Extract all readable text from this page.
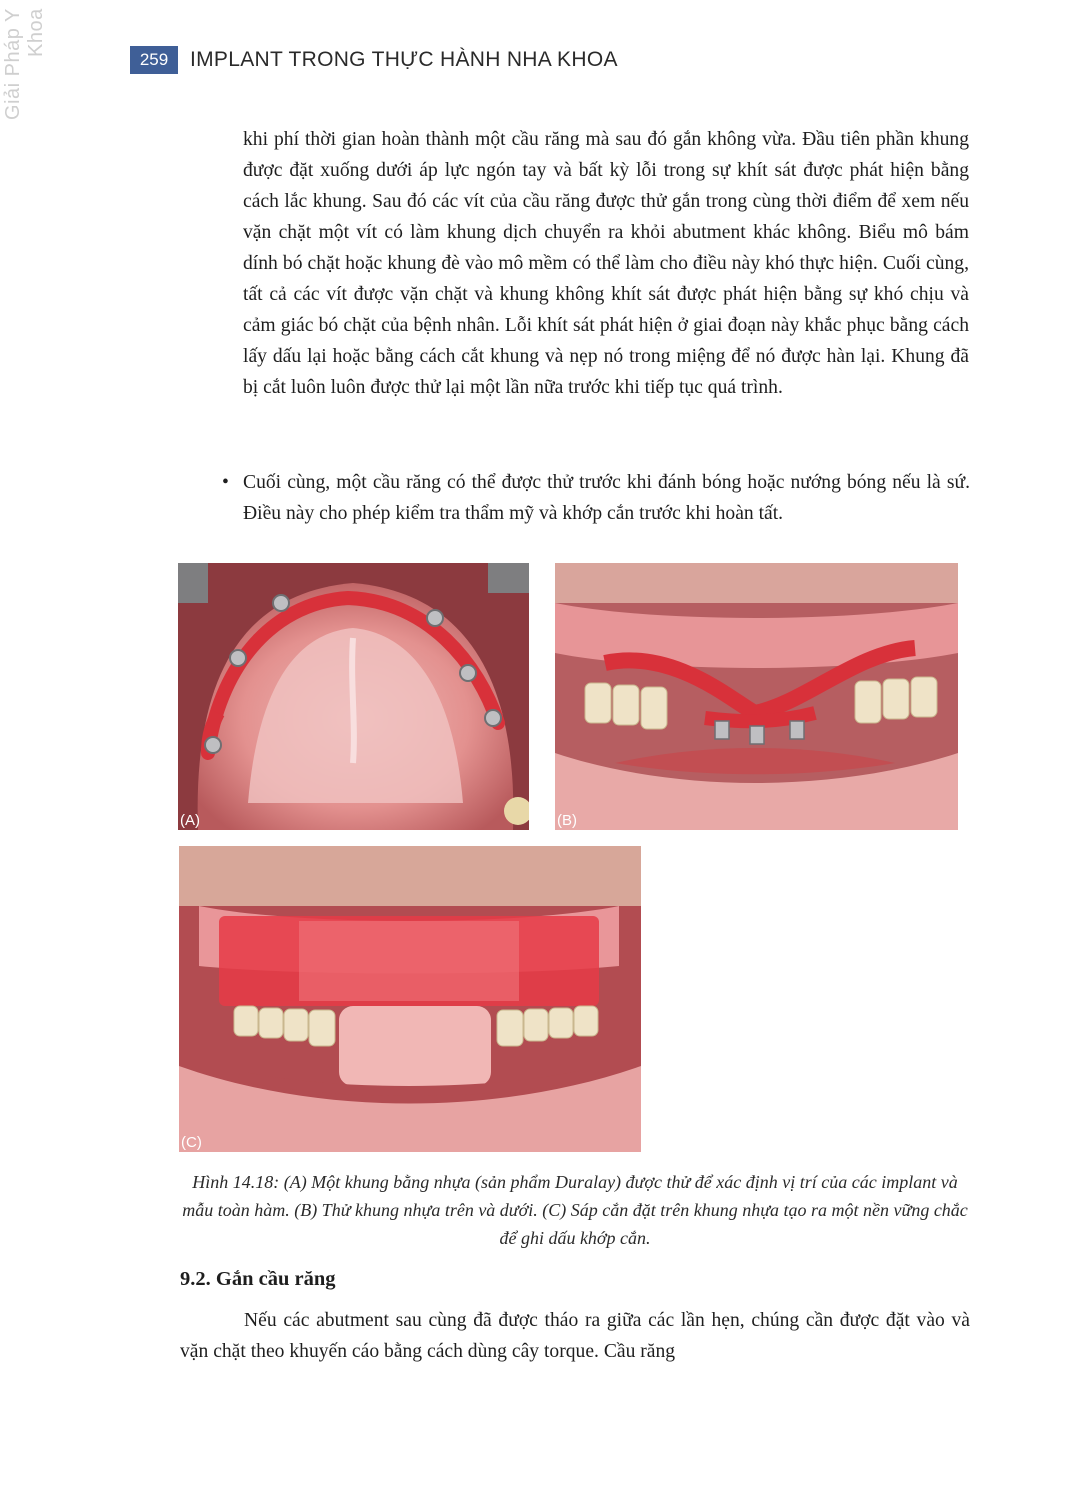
Giải Pháp Y Khoa
259	IMPLANT TRONG THỰC HÀNH NHA KHOA
khi phí thời gian hoàn thành một cầu răng mà sau đó gắn không vừa. Đầu tiên phần khung được đặt xuống dưới áp lực ngón tay và bất kỳ lỗi trong sự khít sát được phát hiện bằng cách lắc khung. Sau đó các vít của cầu răng được thử gắn trong cùng thời điểm để xem nếu vặn chặt một vít có làm khung dịch chuyển ra khỏi abutment khác không. Biểu mô bám dính bó chặt hoặc khung đè vào mô mềm có thể làm cho điều này khó thực hiện. Cuối cùng, tất cả các vít được vặn chặt và khung không khít sát được phát hiện bằng sự khó chịu và cảm giác bó chặt của bệnh nhân. Lỗi khít sát phát hiện ở giai đoạn này khắc phục bằng cách lấy dấu lại hoặc bằng cách cắt khung và nẹp nó trong miệng để nó được hàn lại. Khung đã bị cắt luôn luôn được thử lại một lần nữa trước khi tiếp tục quá trình.
• Cuối cùng, một cầu răng có thể được thử trước khi đánh bóng hoặc nướng bóng nếu là sứ. Điều này cho phép kiểm tra thẩm mỹ và khớp cắn trước khi hoàn tất.
(A)	(B)
(C)
Hình 14.18: (A) Một khung bằng nhựa (sản phẩm Duralay) được thử để xác định vị trí của các implant và mẫu toàn hàm. (B) Thử khung nhựa trên và dưới. (C) Sáp cắn đặt trên khung nhựa tạo ra một nền vững chắc để ghi dấu khớp cắn.
9.2. Gắn cầu răng
Nếu các abutment sau cùng đã được tháo ra giữa các lần hẹn, chúng cần được đặt vào và vặn chặt theo khuyến cáo bằng cách dùng cây torque. Cầu răng
